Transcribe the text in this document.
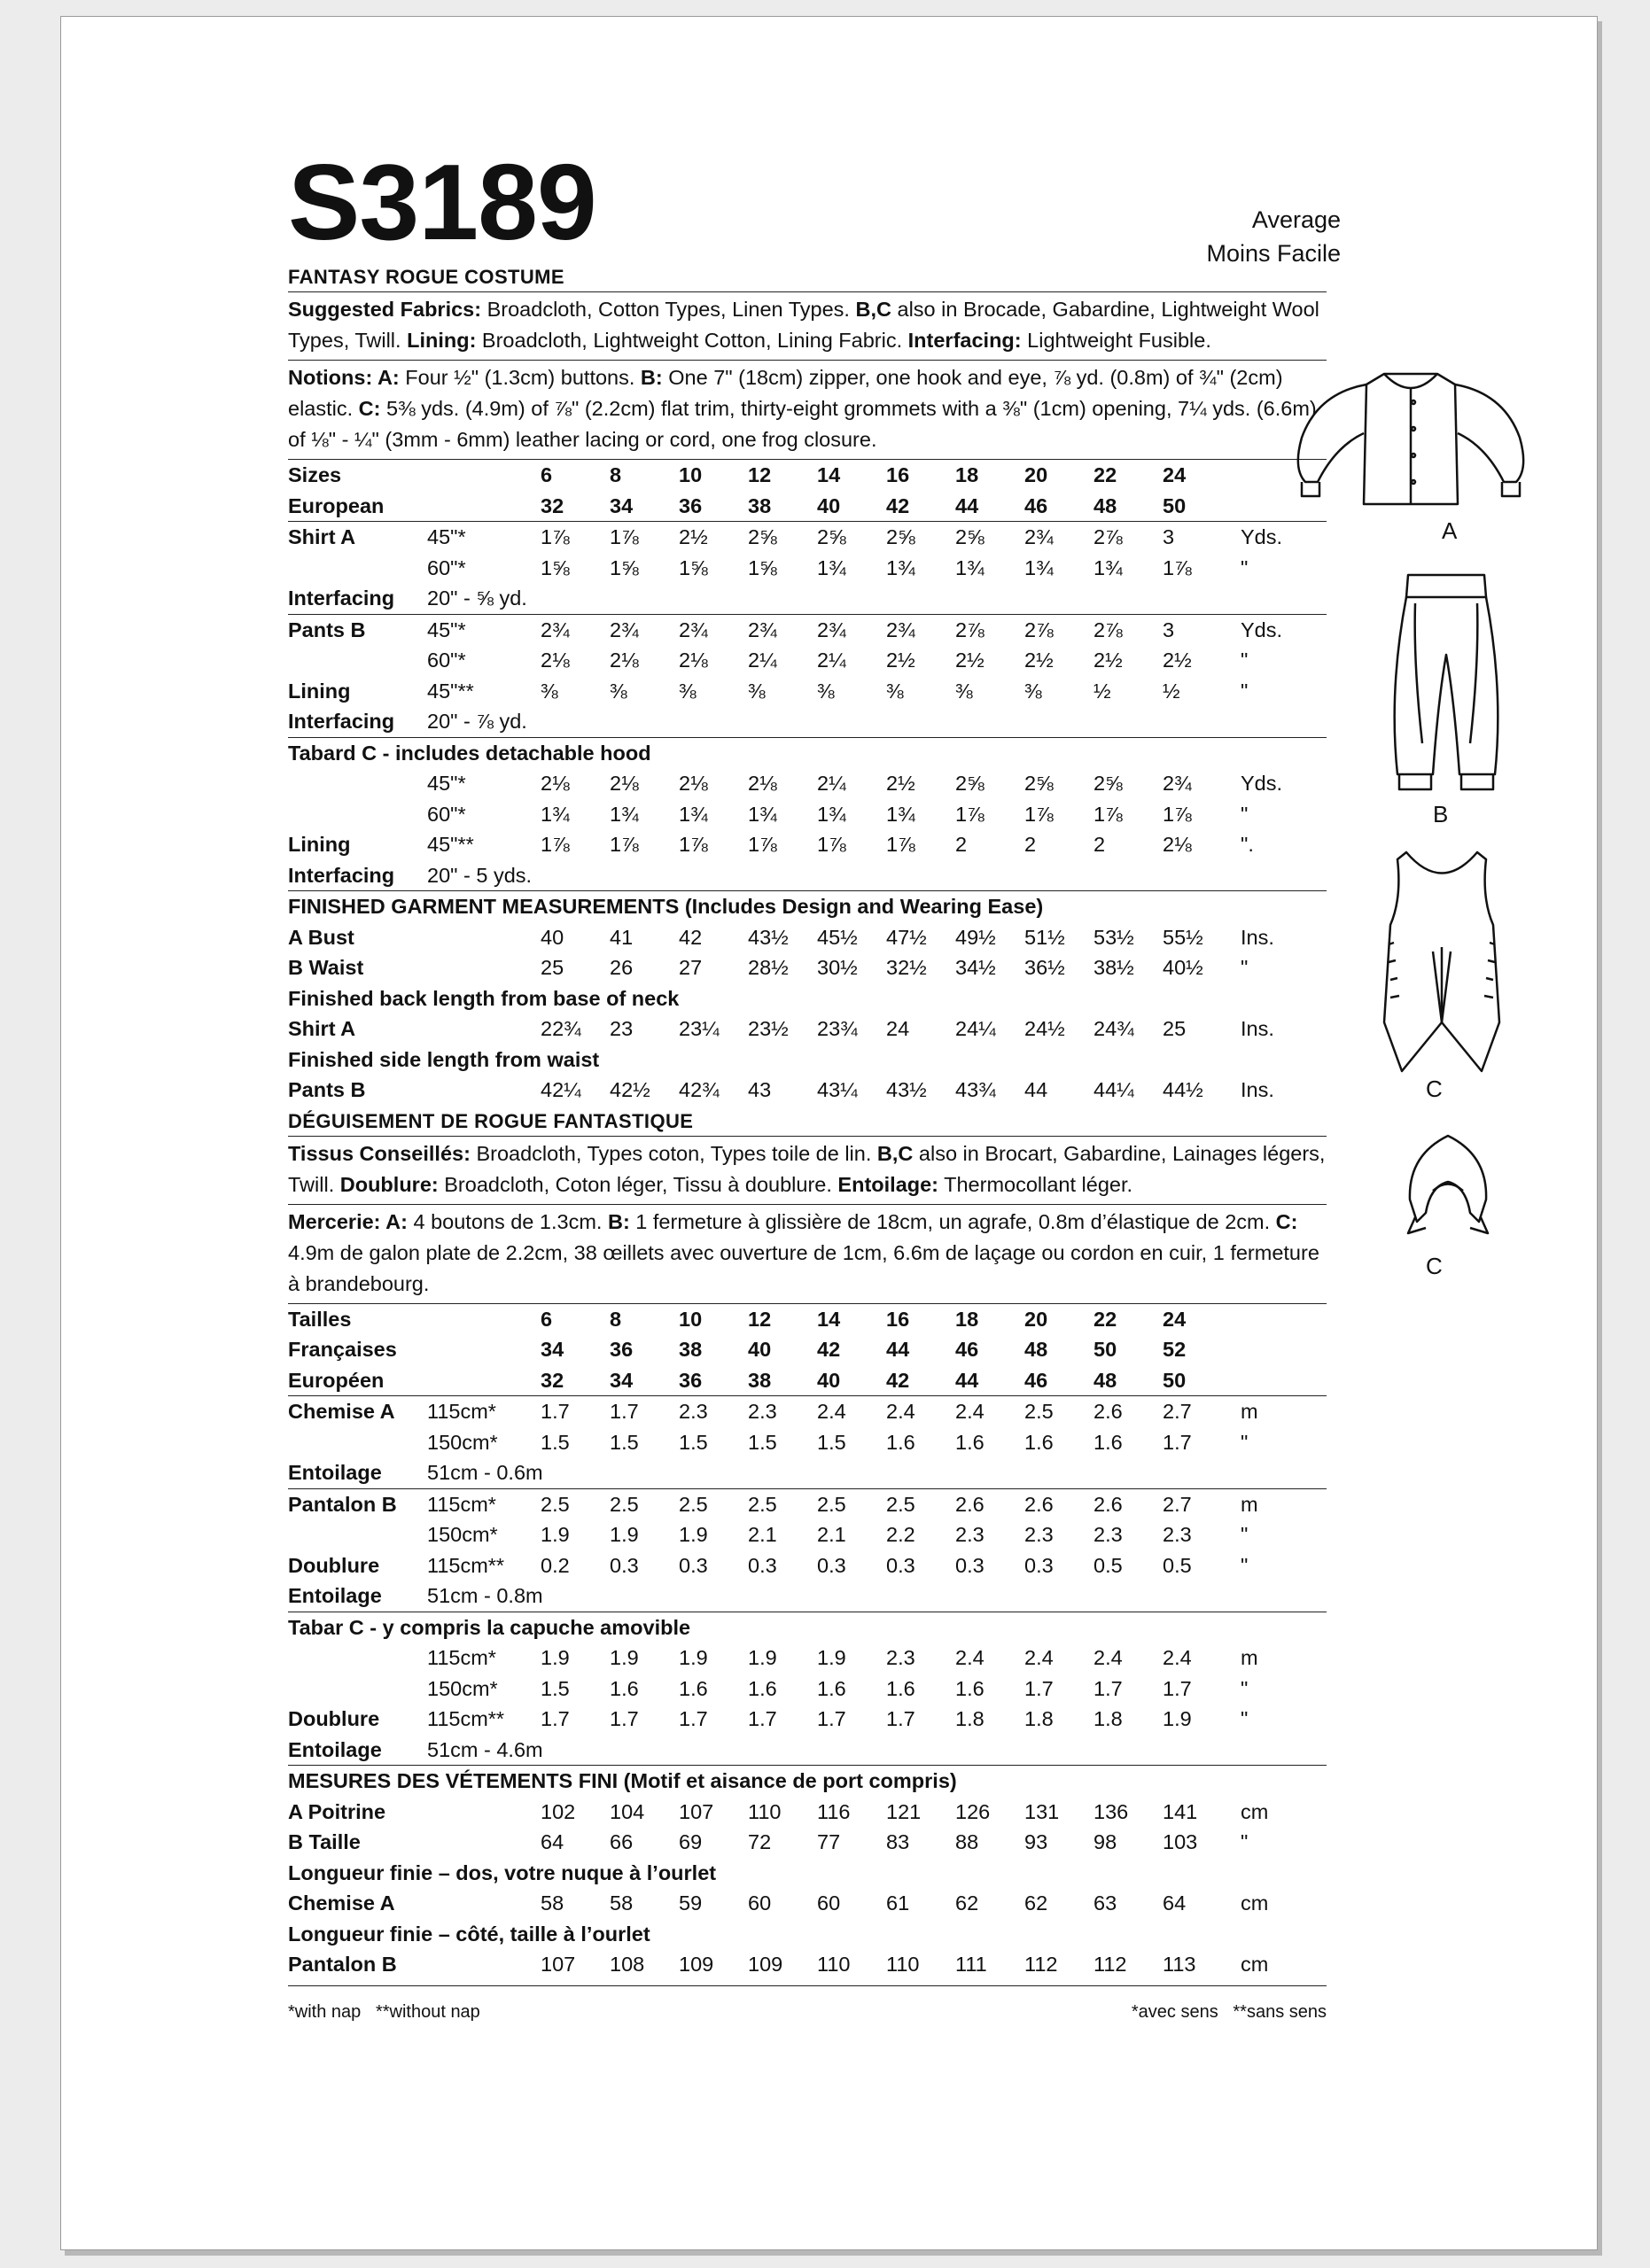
S3189	Average
Moins Facile
FANTASY ROGUE COSTUME

Suggested Fabrics: Broadcloth, Cotton Types, Linen Types. B,C also in Brocade, Gabardine, Lightweight Wool Types, Twill. Lining: Broadcloth, Lightweight Cotton, Lining Fabric. Interfacing: Lightweight Fusible.

Notions: A: Four ½" (1.3cm) buttons. B: One 7" (18cm) zipper, one hook and eye, ⅞ yd. (0.8m) of ¾" (2cm) elastic. C: 5⅜ yds. (4.9m) of ⅞" (2.2cm) flat trim, thirty-eight grommets with a ⅜" (1cm) opening, 7¼ yds. (6.6m) of ⅛" - ¼" (3mm - 6mm) leather lacing or cord, one frog closure.

Sizes		6	8	10	12	14	16	18	20	22	24	
European		32	34	36	38	40	42	44	46	48	50	
Shirt A	45"*	1⅞	1⅞	2½	2⅝	2⅝	2⅝	2⅝	2¾	2⅞	3	Yds.
	60"*	1⅝	1⅝	1⅝	1⅝	1¾	1¾	1¾	1¾	1¾	1⅞	"
Interfacing	20" - ⅝ yd.											
Pants B	45"*	2¾	2¾	2¾	2¾	2¾	2¾	2⅞	2⅞	2⅞	3	Yds.
	60"*	2⅛	2⅛	2⅛	2¼	2¼	2½	2½	2½	2½	2½	"
Lining	45"**	⅜	⅜	⅜	⅜	⅜	⅜	⅜	⅜	½	½	"
Interfacing	20" - ⅞ yd.											
Tabard C - includes detachable hood												
	45"*	2⅛	2⅛	2⅛	2⅛	2¼	2½	2⅝	2⅝	2⅝	2¾	Yds.
	60"*	1¾	1¾	1¾	1¾	1¾	1¾	1⅞	1⅞	1⅞	1⅞	"
Lining	45"**	1⅞	1⅞	1⅞	1⅞	1⅞	1⅞	2	2	2	2⅛	".
Interfacing	20" - 5 yds.											
FINISHED GARMENT MEASUREMENTS (Includes Design and Wearing Ease)												
A Bust		40	41	42	43½	45½	47½	49½	51½	53½	55½	Ins.
B Waist		25	26	27	28½	30½	32½	34½	36½	38½	40½	"
Finished back length from base of neck												
Shirt A		22¾	23	23¼	23½	23¾	24	24¼	24½	24¾	25	Ins.
Finished side length from waist												
Pants B		42¼	42½	42¾	43	43¼	43½	43¾	44	44¼	44½	Ins.
DÉGUISEMENT DE ROGUE FANTASTIQUE

Tissus Conseillés: Broadcloth, Types coton, Types toile de lin. B,C also in Brocart, Gabardine, Lainages légers, Twill. Doublure: Broadcloth, Coton léger, Tissu à doublure. Entoilage: Thermocollant léger.

Mercerie: A: 4 boutons de 1.3cm. B: 1 fermeture à glissière de 18cm, un agrafe, 0.8m d’élastique de 2cm. C: 4.9m de galon plate de 2.2cm, 38 œillets avec ouverture de 1cm, 6.6m de laçage ou cordon en cuir, 1 fermeture à brandebourg.

Tailles		6	8	10	12	14	16	18	20	22	24	
Françaises		34	36	38	40	42	44	46	48	50	52	
Européen		32	34	36	38	40	42	44	46	48	50	
Chemise A	115cm*	1.7	1.7	2.3	2.3	2.4	2.4	2.4	2.5	2.6	2.7	m
	150cm*	1.5	1.5	1.5	1.5	1.5	1.6	1.6	1.6	1.6	1.7	"
Entoilage	51cm - 0.6m											
Pantalon B	115cm*	2.5	2.5	2.5	2.5	2.5	2.5	2.6	2.6	2.6	2.7	m
	150cm*	1.9	1.9	1.9	2.1	2.1	2.2	2.3	2.3	2.3	2.3	"
Doublure	115cm**	0.2	0.3	0.3	0.3	0.3	0.3	0.3	0.3	0.5	0.5	"
Entoilage	51cm - 0.8m											
Tabar C - y compris la capuche amovible												
	115cm*	1.9	1.9	1.9	1.9	1.9	2.3	2.4	2.4	2.4	2.4	m
	150cm*	1.5	1.6	1.6	1.6	1.6	1.6	1.6	1.7	1.7	1.7	"
Doublure	115cm**	1.7	1.7	1.7	1.7	1.7	1.7	1.8	1.8	1.8	1.9	"
Entoilage	51cm - 4.6m											
MESURES DES VÉTEMENTS FINI (Motif et aisance de port compris)												
A Poitrine		102	104	107	110	116	121	126	131	136	141	cm
B Taille		64	66	69	72	77	83	88	93	98	103	"
Longueur finie – dos, votre nuque à l’ourlet												
Chemise A		58	58	59	60	60	61	62	62	63	64	cm
Longueur finie – côté, taille à l’ourlet												
Pantalon B		107	108	109	109	110	110	111	112	112	113	cm
*with nap   **without nap	*avec sens   **sans sens
A
B
C
C
